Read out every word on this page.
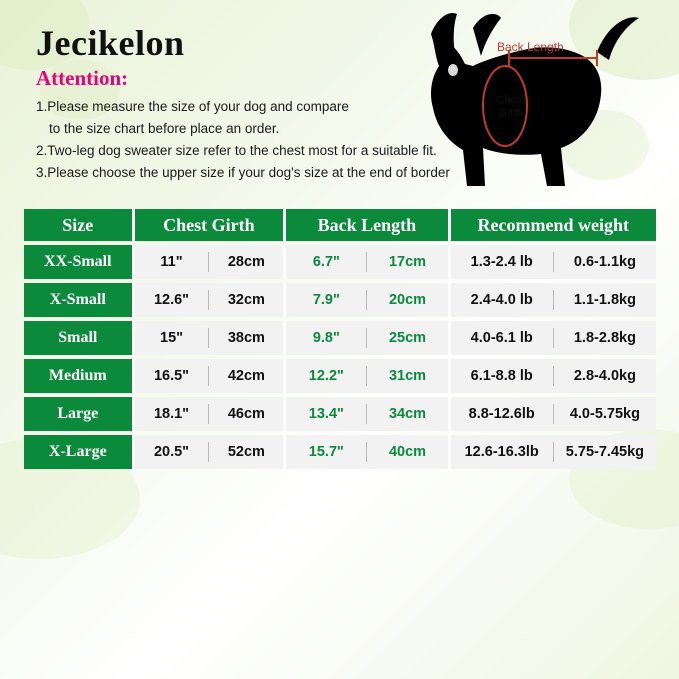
Jecikelon
Attention:
1.Please measure the size of your dog and compare
to the size chart before place an order.
2.Two-leg dog sweater size refer to the chest most for a suitable fit.
3.Please choose the upper size if your dog's size at the end of border
Back Length
Chest
Girth
Size	Chest Girth	Back Length	Recommend weight
XX-Small	11" 28cm	6.7" 17cm	1.3-2.4 lb 0.6-1.1kg

X-Small	12.6" 32cm	7.9" 20cm	2.4-4.0 lb 1.1-1.8kg

Small	15" 38cm	9.8" 25cm	4.0-6.1 lb 1.8-2.8kg

Medium	16.5" 42cm	12.2" 31cm	6.1-8.8 lb 2.8-4.0kg

Large	18.1" 46cm	13.4" 34cm	8.8-12.6lb 4.0-5.75kg

X-Large	20.5" 52cm	15.7" 40cm	12.6-16.3lb 5.75-7.45kg
